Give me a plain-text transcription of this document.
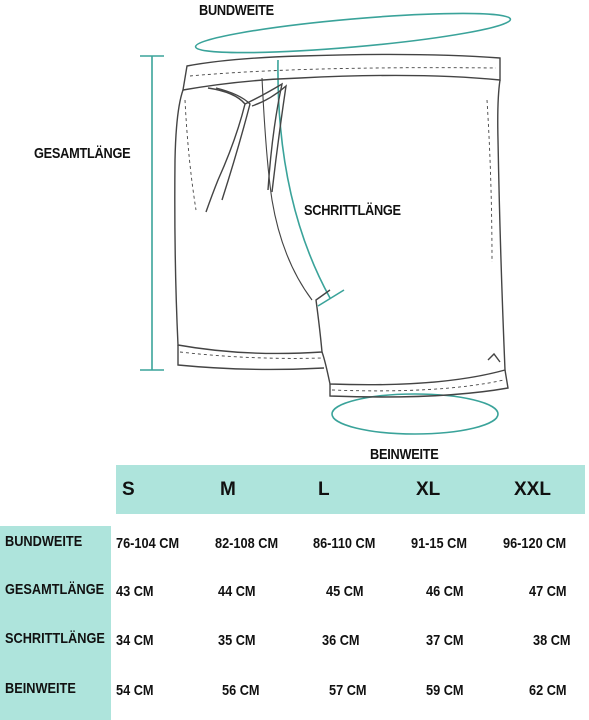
BUNDWEITE
GESAMTLÄNGE
SCHRITTLÄNGE
BEINWEITE
S	M	L	XL	XXL
BUNDWEITE 76-104 CM 82-108 CM 86-110 CM 91-15 CM 96-120 CM
GESAMTLÄNGE 43 CM	44 CM	45 CM	46 CM	47 CM
SCHRITTLÄNGE 34 CM	35 CM	36 CM	37 CM	38 CM
BEINWEITE	54 CM	56 CM	57 CM	59 CM	62 CM
